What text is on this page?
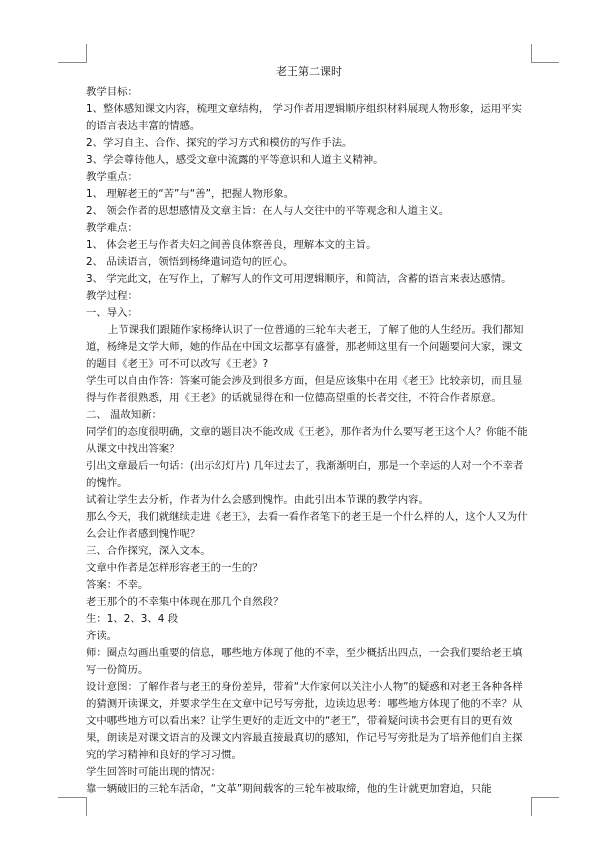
老王第二课时

教学目标：

1、整体感知课文内容，梳理文章结构， 学习作者用逻辑顺序组织材料展现人物形象，运用平实的语言表达丰富的情感。

2、学习自主、合作、探究的学习方式和模仿的写作手法。

3、学会尊待他人，感受文章中流露的平等意识和人道主义精神。

教学重点：

1、 理解老王的“苦”与“善”，把握人物形象。

2、 领会作者的思想感情及文章主旨：在人与人交往中的平等观念和人道主义。

教学难点：

1、 体会老王与作者夫妇之间善良体察善良，理解本文的主旨。

2、 品读语言，领悟到杨绛遣词造句的匠心。

3、 学完此文，在写作上，了解写人的作文可用逻辑顺序，和简洁，含蓄的语言来表达感情。

教学过程：

一、导入：

上节课我们跟随作家杨绛认识了一位普通的三轮车夫老王，了解了他的人生经历。我们都知道，杨绛是文学大师，她的作品在中国文坛都享有盛誉，那老师这里有一个问题要问大家，课文的题目《老王》可不可以改写《王老》?

学生可以自由作答：答案可能会涉及到很多方面，但是应该集中在用《老王》比较亲切，而且显得与作者很熟悉，用《王老》的话就显得在和一位德高望重的长者交往，不符合作者原意。

二、 温故知新：

同学们的态度很明确，文章的题目决不能改成《王老》，那作者为什么要写老王这个人？你能不能从课文中找出答案？

引出文章最后一句话：(出示幻灯片) 几年过去了，我渐渐明白，那是一个幸运的人对一个不幸者的愧怍。

试着让学生去分析，作者为什么会感到愧怍。由此引出本节课的教学内容。

那么今天，我们就继续走进《老王》，去看一看作者笔下的老王是一个什么样的人，这个人又为什么会让作者感到愧怍呢？

三、合作探究，深入文本。

文章中作者是怎样形容老王的一生的？

答案：不幸。

老王那个的不幸集中体现在那几个自然段？

生：1、2、3、4 段

齐读。

师：圈点勾画出重要的信息，哪些地方体现了他的不幸，至少概括出四点，一会我们要给老王填写一份简历。

设计意图：了解作者与老王的身份差异，带着“大作家何以关注小人物”的疑惑和对老王各种各样的猜测开读课文，并要求学生在文章中记号写旁批，边读边思考：哪些地方体现了他的不幸？从文中哪些地方可以看出来？让学生更好的走近文中的“老王”，带着疑问读书会更有目的更有效果，朗读是对课文语言的及课文内容最直接最真切的感知，作记号写旁批是为了培养他们自主探究的学习精神和良好的学习习惯。

学生回答时可能出现的情况：

靠一辆破旧的三轮车活命，“文革”期间载客的三轮车被取缔，他的生计就更加窘迫，只能
